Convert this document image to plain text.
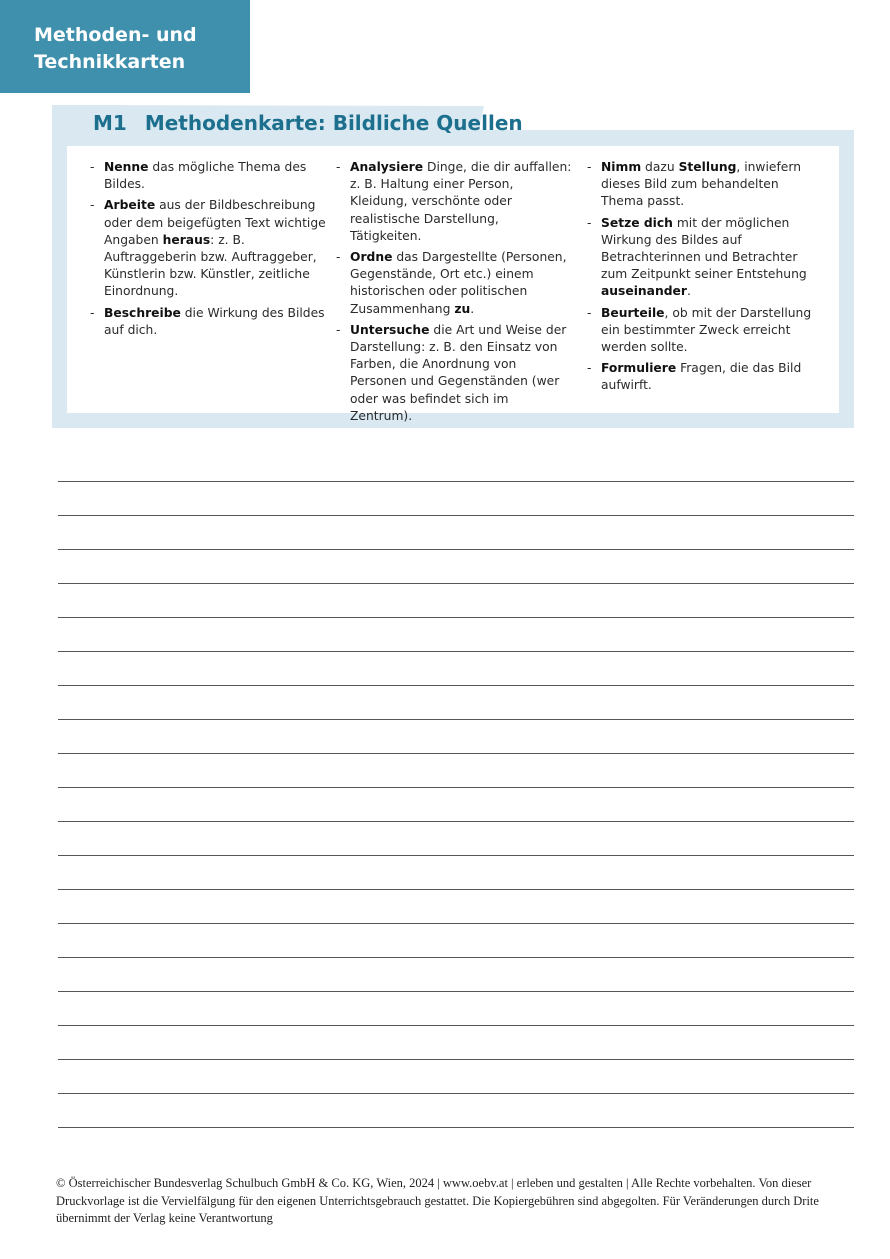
Methoden- und
Technikkarten
M1 Methodenkarte: Bildliche Quellen
- Nenne das mögliche Thema des Bildes.
- Arbeite aus der Bildbeschreibung oder dem beigefügten Text wichtige Angaben heraus: z. B. Auftraggeberin bzw. Auftraggeber, Künstlerin bzw. Künstler, zeitliche Einordnung.
- Beschreibe die Wirkung des Bildes auf dich.
- Analysiere Dinge, die dir auffallen: z. B. Haltung einer Person, Kleidung, verschönte oder realistische Darstellung, Tätigkeiten.
- Ordne das Dargestellte (Personen, Gegenstände, Ort etc.) einem historischen oder politischen Zusammenhang zu.
- Untersuche die Art und Weise der Darstellung: z. B. den Einsatz von Farben, die Anordnung von Personen und Gegenständen (wer oder was befindet sich im Zentrum).
- Nimm dazu Stellung, inwiefern dieses Bild zum behandelten Thema passt.
- Setze dich mit der möglichen Wirkung des Bildes auf Betrachterinnen und Betrachter zum Zeitpunkt seiner Entstehung auseinander.
- Beurteile, ob mit der Darstellung ein bestimmter Zweck erreicht werden sollte.
- Formuliere Fragen, die das Bild aufwirft.
© Österreichischer Bundesverlag Schulbuch GmbH & Co. KG, Wien, 2024 | www.oebv.at | erleben und gestalten | Alle Rechte vorbehalten. Von dieser Druckvorlage ist die Vervielfälgung für den eigenen Unterrichtsgebrauch gestattet. Die Kopiergebühren sind abgegolten. Für Veränderungen durch Drite übernimmt der Verlag keine Verantwortung
